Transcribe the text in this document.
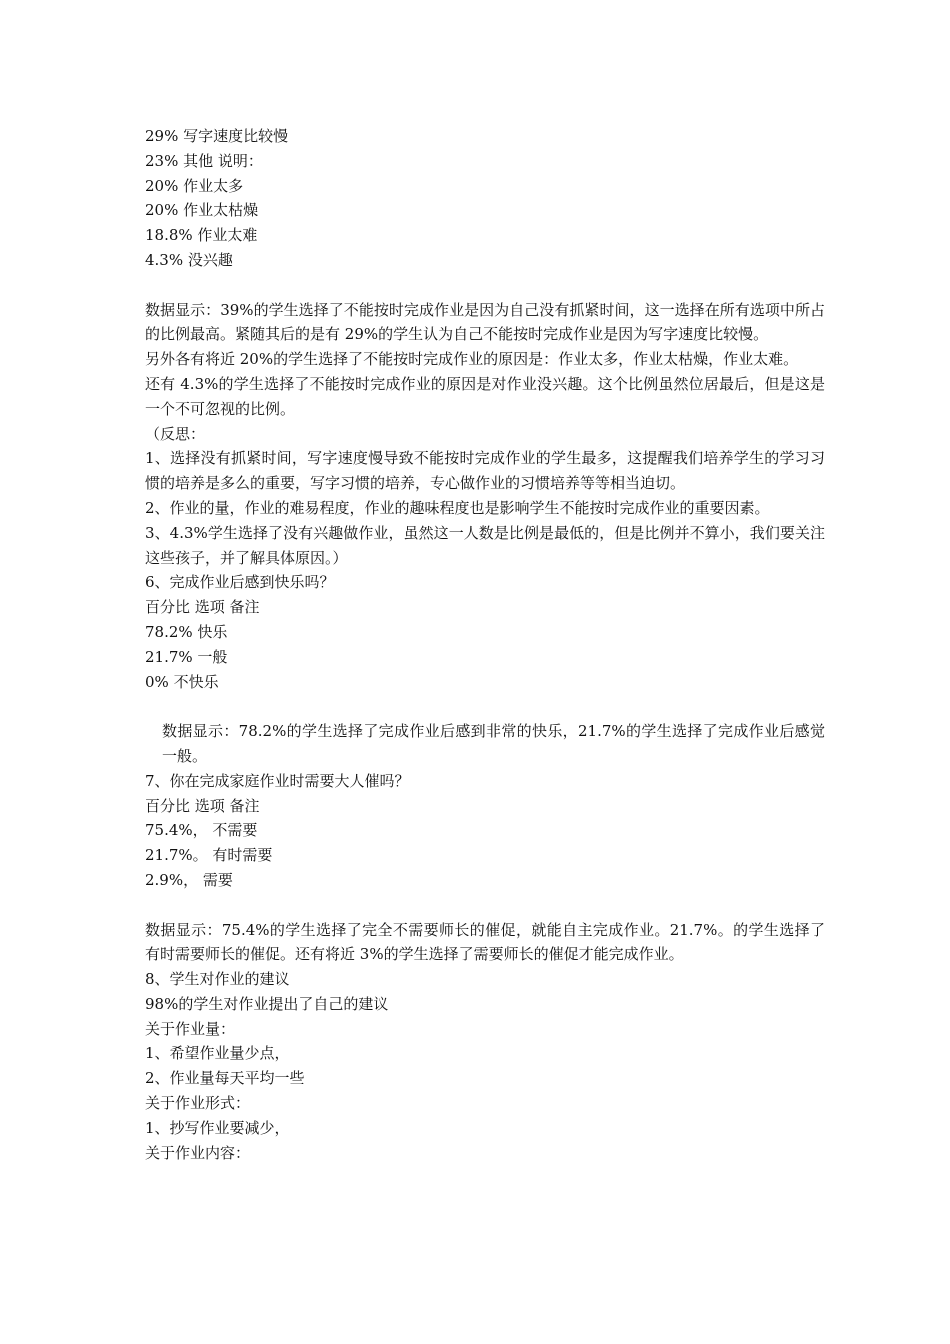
29% 写字速度比较慢

23% 其他 说明：

20% 作业太多

20% 作业太枯燥

18.8% 作业太难

4.3% 没兴趣

数据显示：39%的学生选择了不能按时完成作业是因为自己没有抓紧时间，这一选择在所有选项中所占的比例最高。紧随其后的是有 29%的学生认为自己不能按时完成作业是因为写字速度比较慢。

另外各有将近 20%的学生选择了不能按时完成作业的原因是：作业太多，作业太枯燥，作业太难。

还有 4.3%的学生选择了不能按时完成作业的原因是对作业没兴趣。这个比例虽然位居最后，但是这是一个不可忽视的比例。

（反思：

1、选择没有抓紧时间，写字速度慢导致不能按时完成作业的学生最多，这提醒我们培养学生的学习习惯的培养是多么的重要，写字习惯的培养，专心做作业的习惯培养等等相当迫切。

2、作业的量，作业的难易程度，作业的趣味程度也是影响学生不能按时完成作业的重要因素。

3、4.3%学生选择了没有兴趣做作业，虽然这一人数是比例是最低的，但是比例并不算小，我们要关注这些孩子，并了解具体原因。）

6、完成作业后感到快乐吗？

百分比 选项 备注

78.2% 快乐

21.7% 一般

0% 不快乐

数据显示：78.2%的学生选择了完成作业后感到非常的快乐，21.7%的学生选择了完成作业后感觉一般。

7、你在完成家庭作业时需要大人催吗？

百分比 选项 备注

75.4%， 不需要

21.7%。 有时需要

2.9%， 需要

数据显示：75.4%的学生选择了完全不需要师长的催促，就能自主完成作业。21.7%。的学生选择了有时需要师长的催促。还有将近 3%的学生选择了需要师长的催促才能完成作业。

8、学生对作业的建议

98%的学生对作业提出了自己的建议

关于作业量：

1、希望作业量少点，

2、作业量每天平均一些

关于作业形式：

1、抄写作业要减少，

关于作业内容：
